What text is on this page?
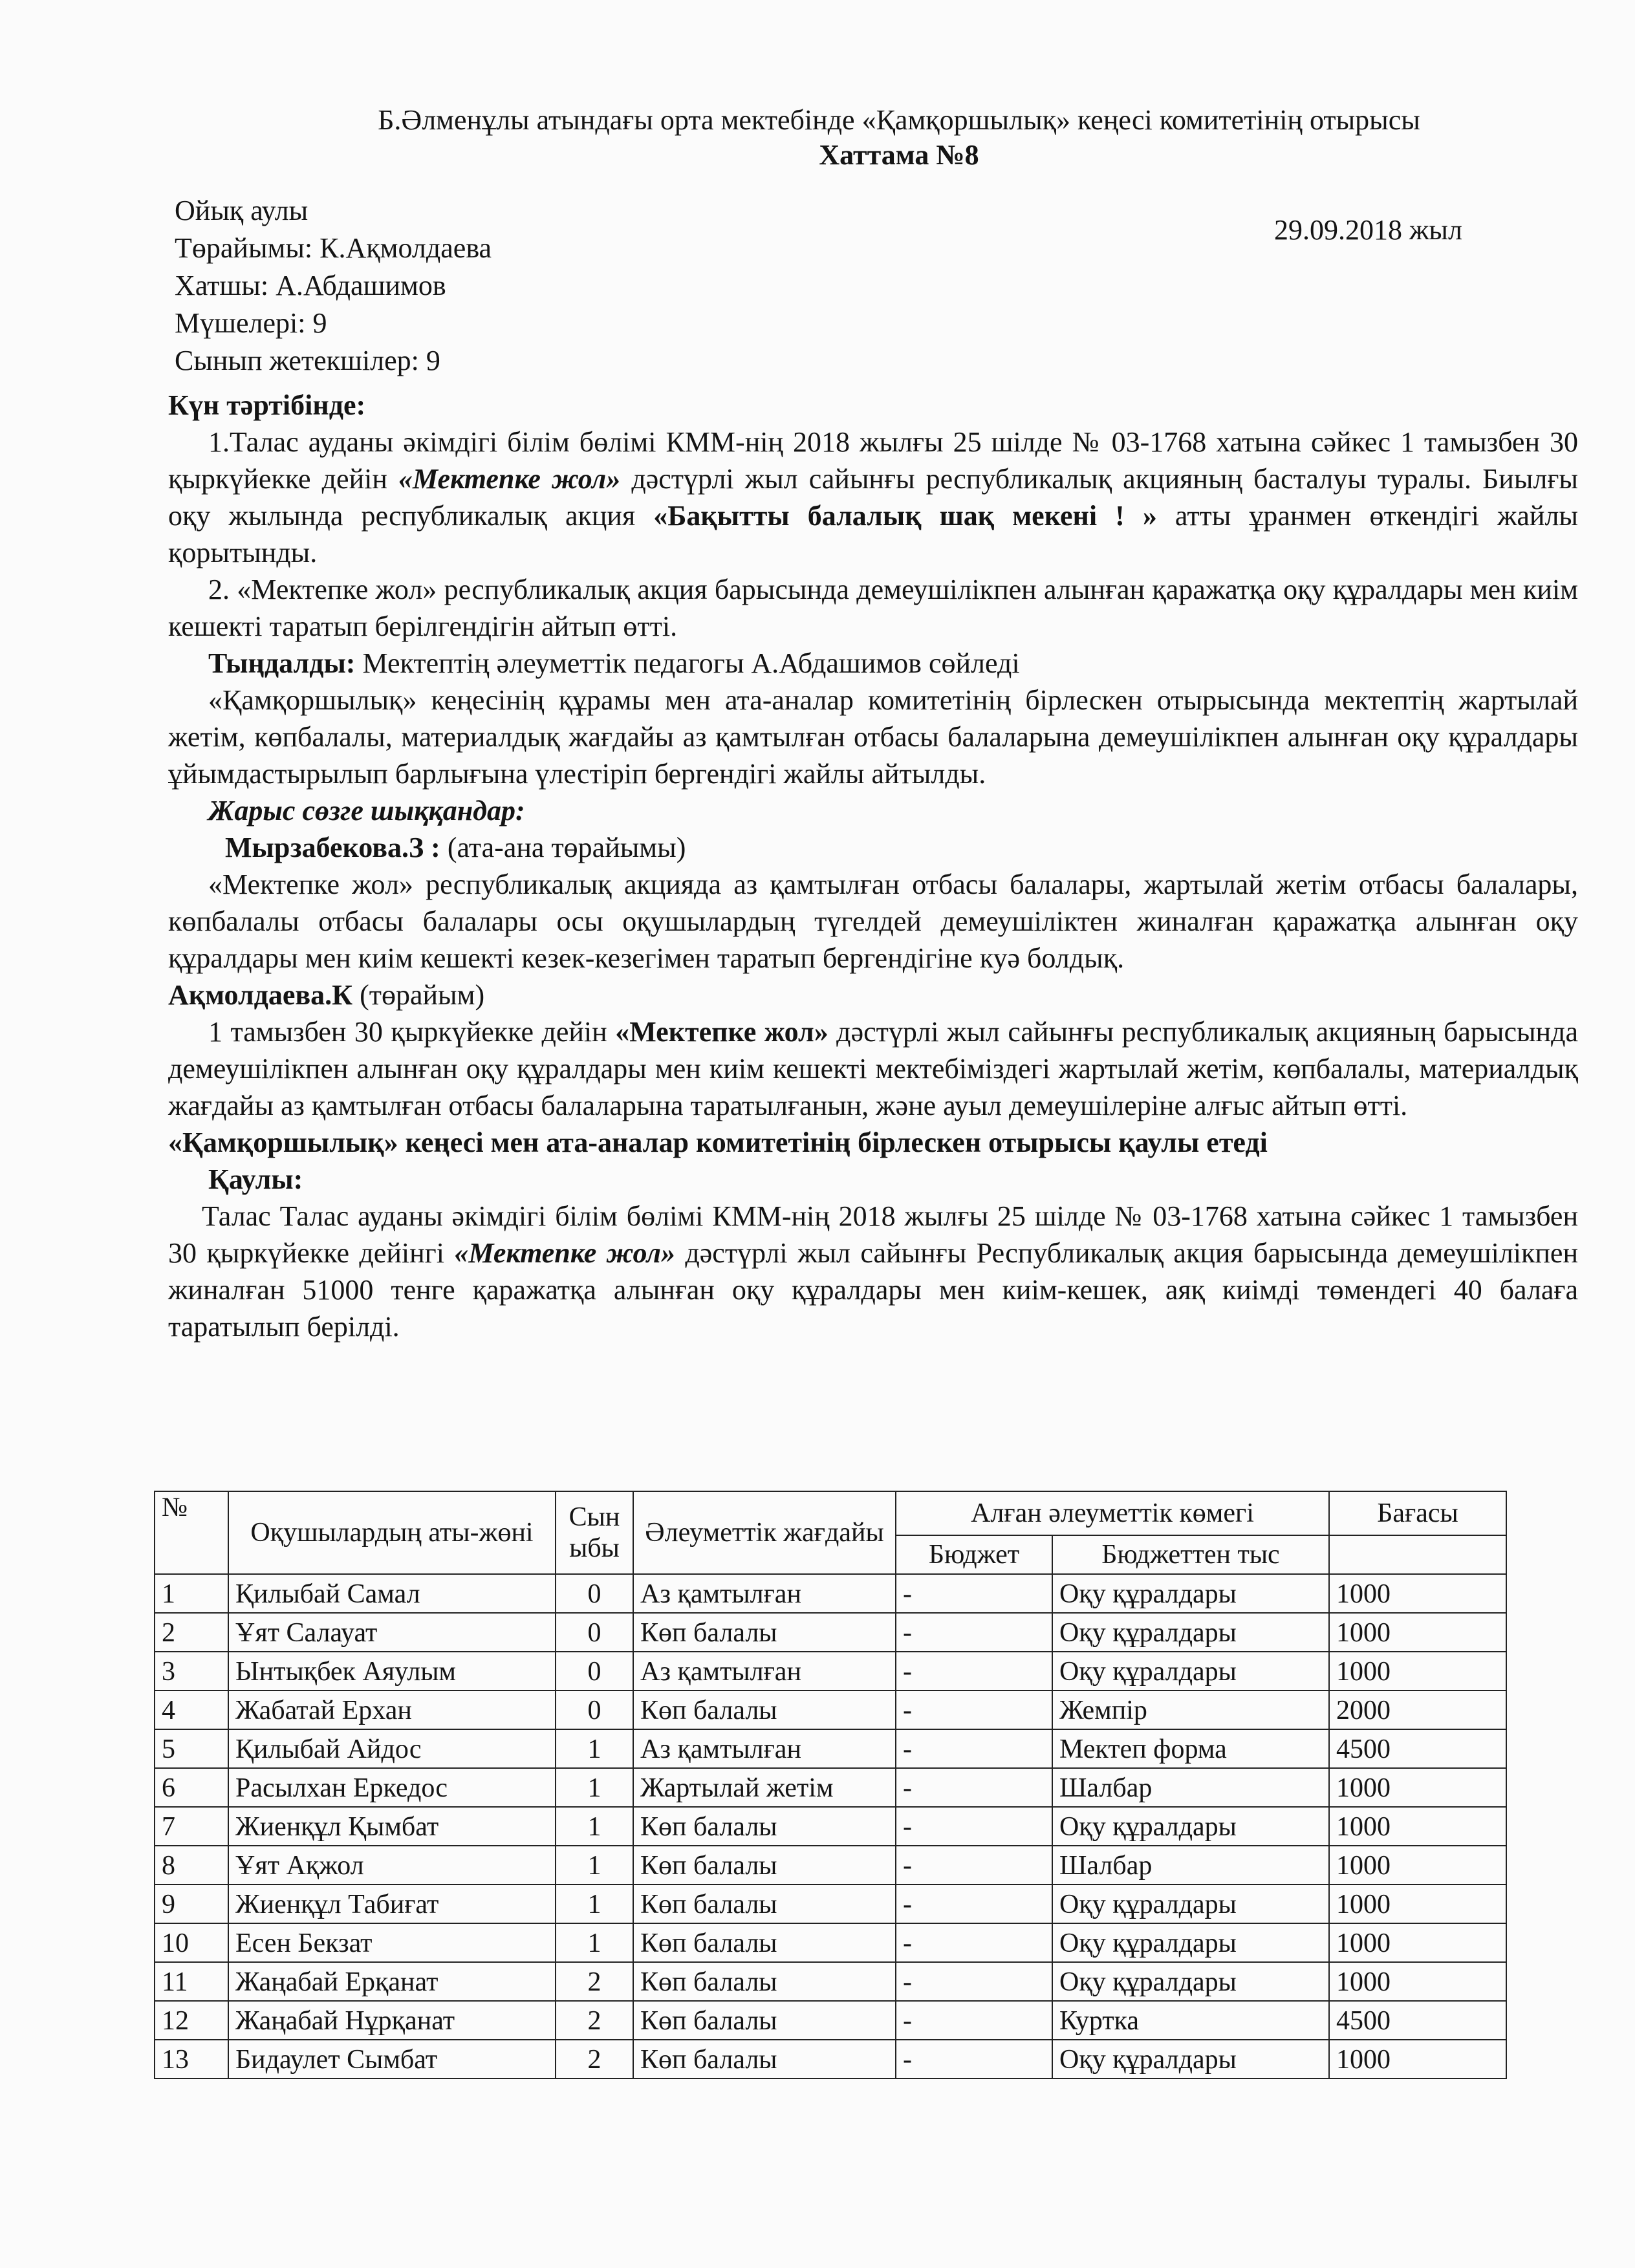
Б.Әлменұлы атындағы орта мектебінде «Қамқоршылық» кеңесі комитетінің отырысы
Хаттама №8
Ойық аулы
29.09.2018 жыл
Төрайымы: К.Ақмолдаева
Хатшы: А.Абдашимов
Мүшелері: 9
Сынып жетекшілер: 9

Күн тәртібінде:

1.Талас ауданы әкімдігі білім бөлімі КММ-нің 2018 жылғы 25 шілде № 03-1768 хатына сәйкес 1 тамызбен 30 қыркүйекке дейін «Мектепке жол» дәстүрлі жыл сайынғы республикалық акцияның басталуы туралы. Биылғы оқу жылында республикалық акция «Бақытты балалық шақ мекені ! » атты ұранмен өткендігі жайлы қорытынды.

2. «Мектепке жол» республикалық акция барысында демеушілікпен алынған қаражатқа оқу құралдары мен киім кешекті таратып берілгендігін айтып өтті.

Тыңдалды: Мектептің әлеуметтік педагогы А.Абдашимов сөйледі

«Қамқоршылық» кеңесінің құрамы мен ата-аналар комитетінің бірлескен отырысында мектептің жартылай жетім, көпбалалы, материалдық жағдайы аз қамтылған отбасы балаларына демеушілікпен алынған оқу құралдары ұйымдастырылып барлығына үлестіріп бергендігі жайлы айтылды.

Жарыс сөзге шыққандар:

Мырзабекова.З : (ата-ана төрайымы)

«Мектепке жол» республикалық акцияда аз қамтылған отбасы балалары, жартылай жетім отбасы балалары, көпбалалы отбасы балалары осы оқушылардың түгелдей демеушіліктен жиналған қаражатқа алынған оқу құралдары мен киім кешекті кезек-кезегімен таратып бергендігіне куә болдық.

Ақмолдаева.К (төрайым)

1 тамызбен 30 қыркүйекке дейін «Мектепке жол» дәстүрлі жыл сайынғы республикалық акцияның барысында демеушілікпен алынған оқу құралдары мен киім кешекті мектебіміздегі жартылай жетім, көпбалалы, материалдық жағдайы аз қамтылған отбасы балаларына таратылғанын, және ауыл демеушілеріне алғыс айтып өтті.

«Қамқоршылық» кеңесі мен ата-аналар комитетінің бірлескен отырысы қаулы етеді

Қаулы:

Талас Талас ауданы әкімдігі білім бөлімі КММ-нің 2018 жылғы 25 шілде № 03-1768 хатына сәйкес 1 тамызбен 30 қыркүйекке дейінгі «Мектепке жол» дәстүрлі жыл сайынғы Республикалық акция барысында демеушілікпен жиналған 51000 тенге қаражатқа алынған оқу құралдары мен киім-кешек, аяқ киімді төмендегі 40 балаға таратылып берілді.

№	Оқушылардың аты-жөні	Сыныбы	Әлеуметтік жағдайы	Алған әлеуметтік көмегі		Бағасы
				Бюджет	Бюджеттен тыс	
1	Қилыбай Самал	0	Аз қамтылған	-	Оқу құралдары	1000
2	Ұят Салауат	0	Көп балалы	-	Оқу құралдары	1000
3	Ынтықбек Аяулым	0	Аз қамтылған	-	Оқу құралдары	1000
4	Жабатай Ерхан	0	Көп балалы	-	Жемпір	2000
5	Қилыбай Айдос	1	Аз қамтылған	-	Мектеп форма	4500
6	Расылхан Еркедос	1	Жартылай жетім	-	Шалбар	1000
7	Жиенқұл Қымбат	1	Көп балалы	-	Оқу құралдары	1000
8	Ұят Ақжол	1	Көп балалы	-	Шалбар	1000
9	Жиенқұл Табиғат	1	Көп балалы	-	Оқу құралдары	1000
10	Есен Бекзат	1	Көп балалы	-	Оқу құралдары	1000
11	Жаңабай Ерқанат	2	Көп балалы	-	Оқу құралдары	1000
12	Жаңабай Нұрқанат	2	Көп балалы	-	Куртка	4500
13	Бидаулет Сымбат	2	Көп балалы	-	Оқу құралдары	1000
